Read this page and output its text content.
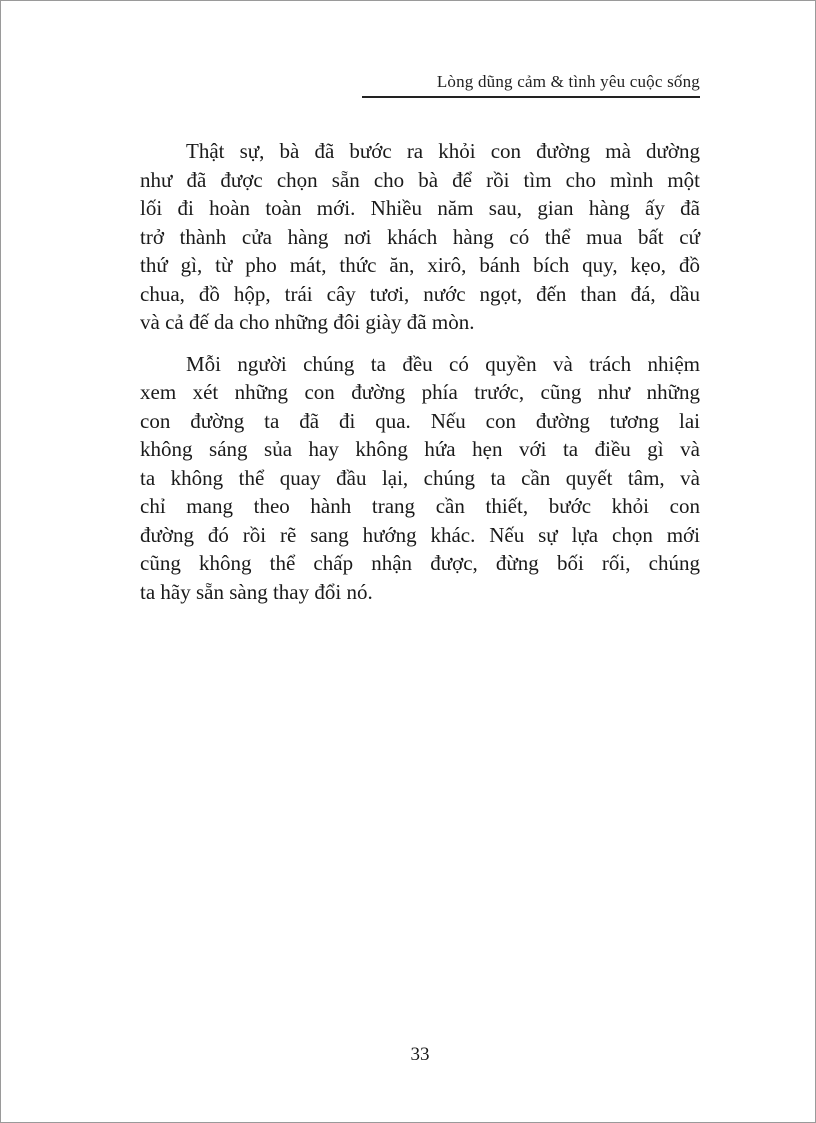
Lòng dũng cảm & tình yêu cuộc sống
Thật sự, bà đã bước ra khỏi con đường mà dường
như đã được chọn sẵn cho bà để rồi tìm cho mình một
lối đi hoàn toàn mới. Nhiều năm sau, gian hàng ấy đã
trở thành cửa hàng nơi khách hàng có thể mua bất cứ
thứ gì, từ pho mát, thức ăn, xirô, bánh bích quy, kẹo, đồ
chua, đồ hộp, trái cây tươi, nước ngọt, đến than đá, dầu
và cả đế da cho những đôi giày đã mòn.
Mỗi người chúng ta đều có quyền và trách nhiệm
xem xét những con đường phía trước, cũng như những
con đường ta đã đi qua. Nếu con đường tương lai
không sáng sủa hay không hứa hẹn với ta điều gì và
ta không thể quay đầu lại, chúng ta cần quyết tâm, và
chỉ mang theo hành trang cần thiết, bước khỏi con
đường đó rồi rẽ sang hướng khác. Nếu sự lựa chọn mới
cũng không thể chấp nhận được, đừng bối rối, chúng
ta hãy sẵn sàng thay đổi nó.
33
